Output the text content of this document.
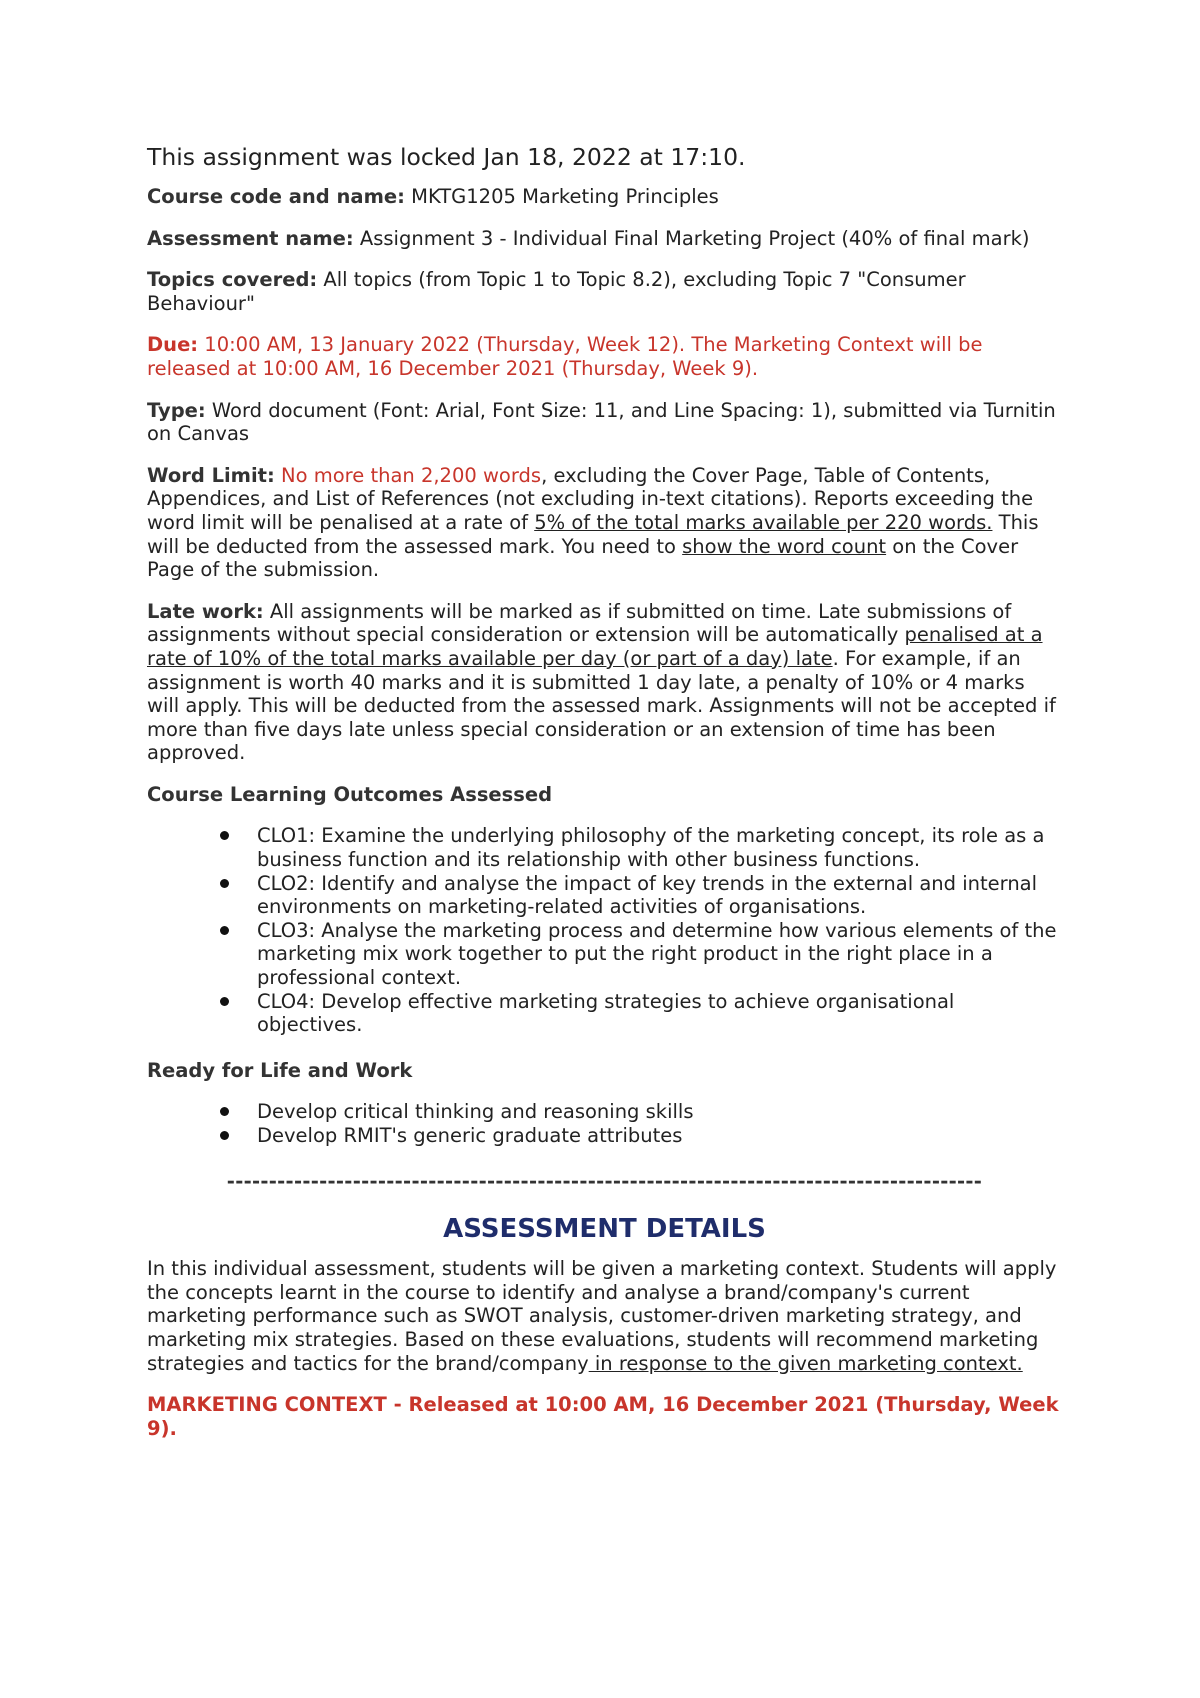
This assignment was locked Jan 18, 2022 at 17:10.

Course code and name: MKTG1205 Marketing Principles

Assessment name: Assignment 3 - Individual Final Marketing Project (40% of final mark)

Topics covered: All topics (from Topic 1 to Topic 8.2), excluding Topic 7 "Consumer Behaviour"

Due: 10:00 AM, 13 January 2022 (Thursday, Week 12). The Marketing Context will be released at 10:00 AM, 16 December 2021 (Thursday, Week 9).

Type: Word document (Font: Arial, Font Size: 11, and Line Spacing: 1), submitted via Turnitin on Canvas

Word Limit: No more than 2,200 words, excluding the Cover Page, Table of Contents, Appendices, and List of References (not excluding in-text citations). Reports exceeding the word limit will be penalised at a rate of 5% of the total marks available per 220 words. This will be deducted from the assessed mark. You need to show the word count on the Cover Page of the submission.

Late work: All assignments will be marked as if submitted on time. Late submissions of assignments without special consideration or extension will be automatically penalised at a rate of 10% of the total marks available per day (or part of a day) late. For example, if an assignment is worth 40 marks and it is submitted 1 day late, a penalty of 10% or 4 marks will apply. This will be deducted from the assessed mark. Assignments will not be accepted if more than five days late unless special consideration or an extension of time has been approved.

Course Learning Outcomes Assessed

CLO1: Examine the underlying philosophy of the marketing concept, its role as a business function and its relationship with other business functions.
CLO2: Identify and analyse the impact of key trends in the external and internal environments on marketing-related activities of organisations.
CLO3: Analyse the marketing process and determine how various elements of the marketing mix work together to put the right product in the right place in a professional context.
CLO4: Develop effective marketing strategies to achieve organisational objectives.

Ready for Life and Work

Develop critical thinking and reasoning skills
Develop RMIT's generic graduate attributes
------------------------------------------------------------------------------------------
ASSESSMENT DETAILS

In this individual assessment, students will be given a marketing context. Students will apply the concepts learnt in the course to identify and analyse a brand/company's current marketing performance such as SWOT analysis, customer-driven marketing strategy, and marketing mix strategies. Based on these evaluations, students will recommend marketing strategies and tactics for the brand/company in response to the given marketing context.

MARKETING CONTEXT - Released at 10:00 AM, 16 December 2021 (Thursday, Week 9).
